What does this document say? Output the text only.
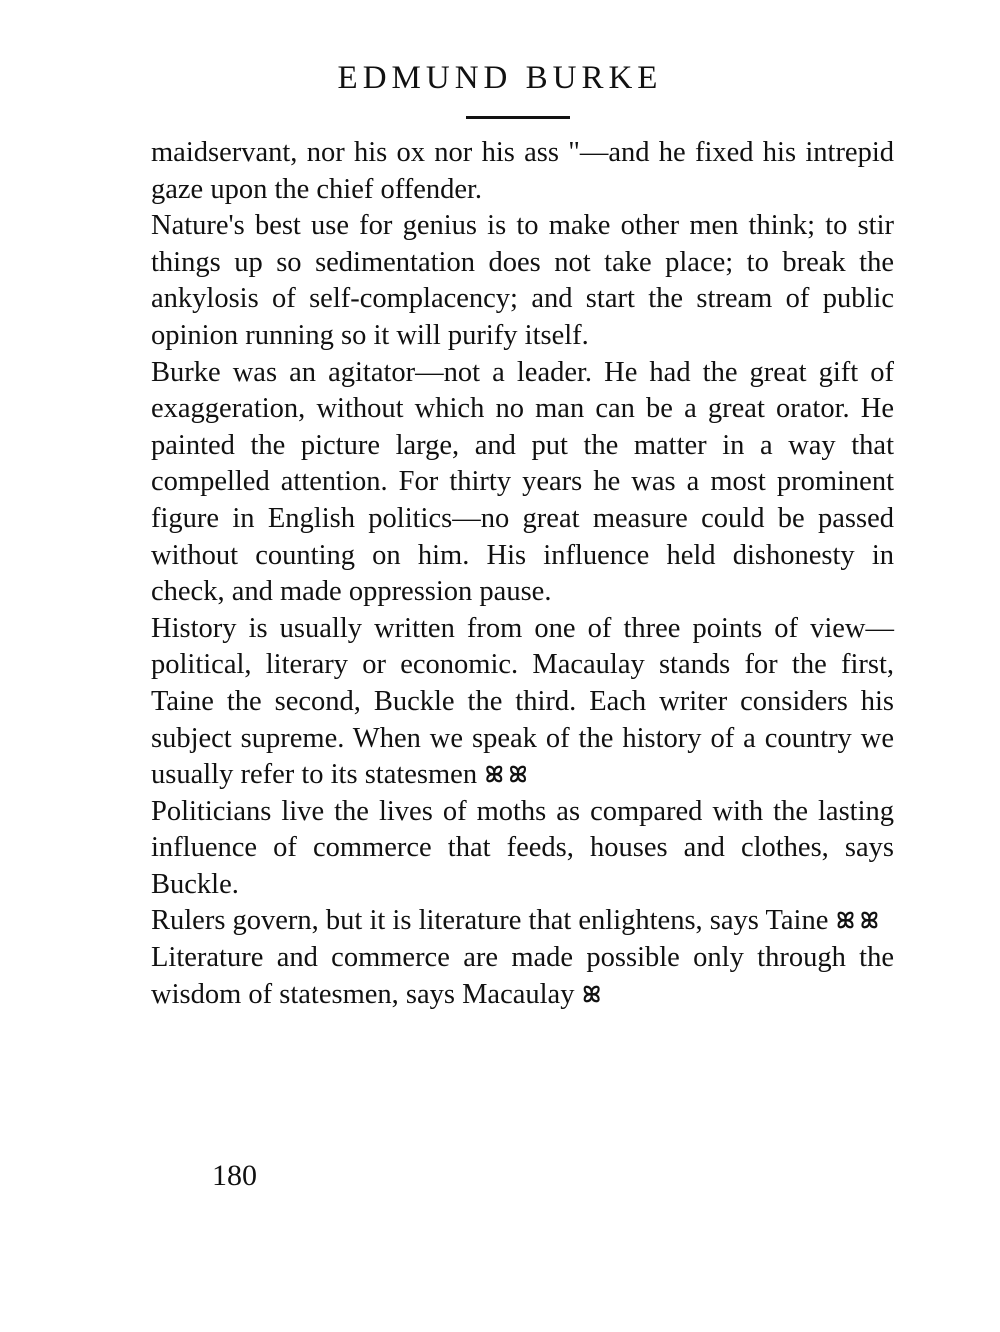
EDMUND BURKE

maidservant, nor his ox nor his ass "—and he fixed his intrepid gaze upon the chief offender.

Nature's best use for genius is to make other men think; to stir things up so sedimentation does not take place; to break the ankylosis of self-complacency; and start the stream of public opinion running so it will purify itself.

Burke was an agitator—not a leader. He had the great gift of exaggeration, without which no man can be a great orator. He painted the picture large, and put the matter in a way that compelled attention. For thirty years he was a most prominent figure in English politics—no great measure could be passed without counting on him. His influence held dishonesty in check, and made oppression pause.

History is usually written from one of three points of view—political, literary or economic. Macaulay stands for the first, Taine the second, Buckle the third. Each writer considers his subject supreme. When we speak of the history of a country we usually refer to its statesmen ꕤ ꕤ

Politicians live the lives of moths as compared with the lasting influence of commerce that feeds, houses and clothes, says Buckle.

Rulers govern, but it is literature that enlightens, says Taine ꕤ ꕤ

Literature and commerce are made possible only through the wisdom of statesmen, says Macaulay ꕤ

180
